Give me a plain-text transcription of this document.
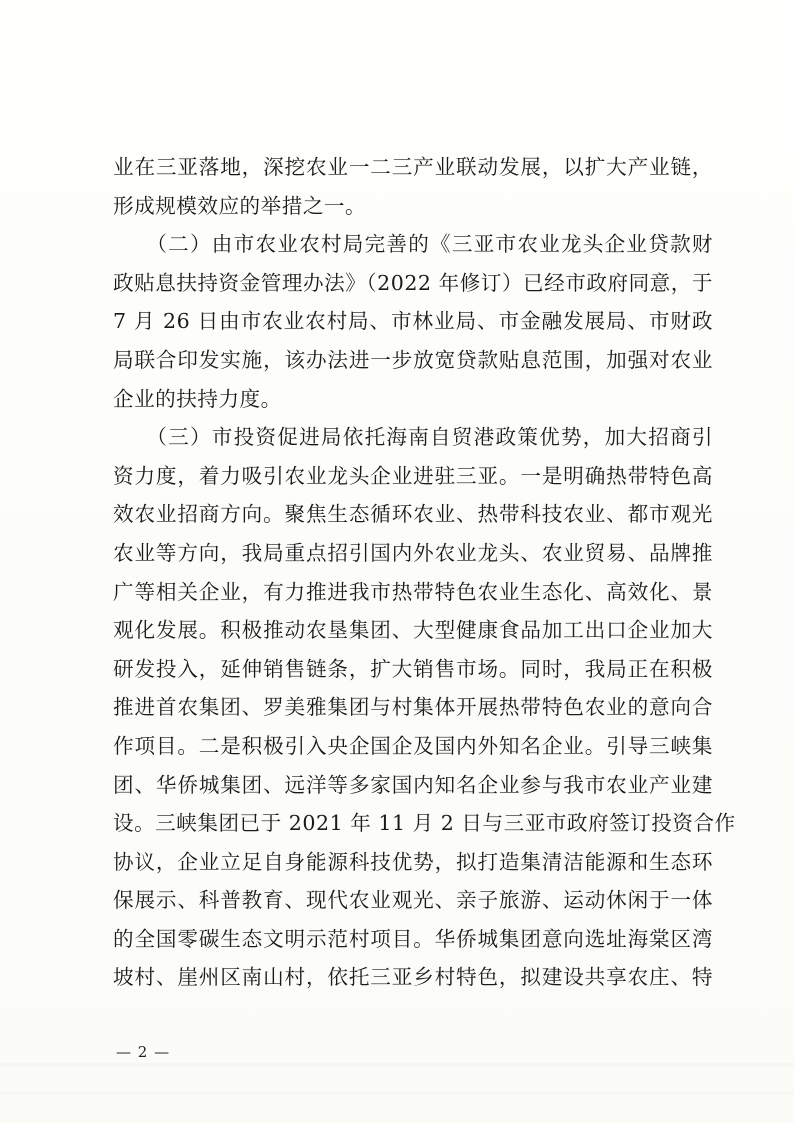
业在三亚落地，深挖农业一二三产业联动发展，以扩大产业链，
形成规模效应的举措之一。
　　（二）由市农业农村局完善的《三亚市农业龙头企业贷款财
政贴息扶持资金管理办法》（2022 年修订）已经市政府同意，于
7 月 26 日由市农业农村局、市林业局、市金融发展局、市财政
局联合印发实施，该办法进一步放宽贷款贴息范围，加强对农业
企业的扶持力度。
　　（三）市投资促进局依托海南自贸港政策优势，加大招商引
资力度，着力吸引农业龙头企业进驻三亚。一是明确热带特色高
效农业招商方向。聚焦生态循环农业、热带科技农业、都市观光
农业等方向，我局重点招引国内外农业龙头、农业贸易、品牌推
广等相关企业，有力推进我市热带特色农业生态化、高效化、景
观化发展。积极推动农垦集团、大型健康食品加工出口企业加大
研发投入，延伸销售链条，扩大销售市场。同时，我局正在积极
推进首农集团、罗美雅集团与村集体开展热带特色农业的意向合
作项目。二是积极引入央企国企及国内外知名企业。引导三峡集
团、华侨城集团、远洋等多家国内知名企业参与我市农业产业建
设。三峡集团已于 2021 年 11 月 2 日与三亚市政府签订投资合作
协议，企业立足自身能源科技优势，拟打造集清洁能源和生态环
保展示、科普教育、现代农业观光、亲子旅游、运动休闲于一体
的全国零碳生态文明示范村项目。华侨城集团意向选址海棠区湾
坡村、崖州区南山村，依托三亚乡村特色，拟建设共享农庄、特
— 2 —
